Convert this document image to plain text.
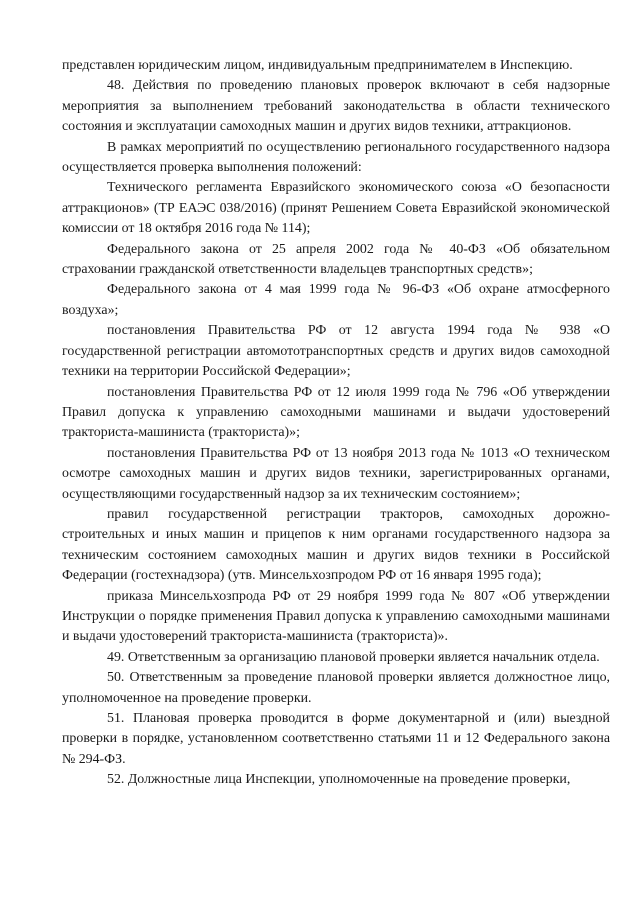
представлен юридическим лицом, индивидуальным предпринимателем в Инспекцию.

48. Действия по проведению плановых проверок включают в себя надзорные мероприятия за выполнением требований законодательства в области технического состояния и эксплуатации самоходных машин и других видов техники, аттракционов.

В рамках мероприятий по осуществлению регионального государственного надзора осуществляется проверка выполнения положений:

Технического регламента Евразийского экономического союза «О безопасности аттракционов» (ТР ЕАЭС 038/2016) (принят Решением Совета Евразийской экономической комиссии от 18 октября 2016 года № 114);

Федерального закона от 25 апреля 2002 года № 40-ФЗ «Об обязательном страховании гражданской ответственности владельцев транспортных средств»;

Федерального закона от 4 мая 1999 года № 96-ФЗ «Об охране атмосферного воздуха»;

постановления Правительства РФ от 12 августа 1994 года № 938 «О государственной регистрации автомототранспортных средств и других видов самоходной техники на территории Российской Федерации»;

постановления Правительства РФ от 12 июля 1999 года № 796 «Об утверждении Правил допуска к управлению самоходными машинами и выдачи удостоверений тракториста-машиниста (тракториста)»;

постановления Правительства РФ от 13 ноября 2013 года № 1013 «О техническом осмотре самоходных машин и других видов техники, зарегистрированных органами, осуществляющими государственный надзор за их техническим состоянием»;

правил государственной регистрации тракторов, самоходных дорожно-строительных и иных машин и прицепов к ним органами государственного надзора за техническим состоянием самоходных машин и других видов техники в Российской Федерации (гостехнадзора) (утв. Минсельхозпродом РФ от 16 января 1995 года);

приказа Минсельхозпрода РФ от 29 ноября 1999 года № 807 «Об утверждении Инструкции о порядке применения Правил допуска к управлению самоходными машинами и выдачи удостоверений тракториста-машиниста (тракториста)».

49. Ответственным за организацию плановой проверки является начальник отдела.

50. Ответственным за проведение плановой проверки является должностное лицо, уполномоченное на проведение проверки.

51. Плановая проверка проводится в форме документарной и (или) выездной проверки в порядке, установленном соответственно статьями 11 и 12 Федерального закона № 294-ФЗ.

52. Должностные лица Инспекции, уполномоченные на проведение проверки,
